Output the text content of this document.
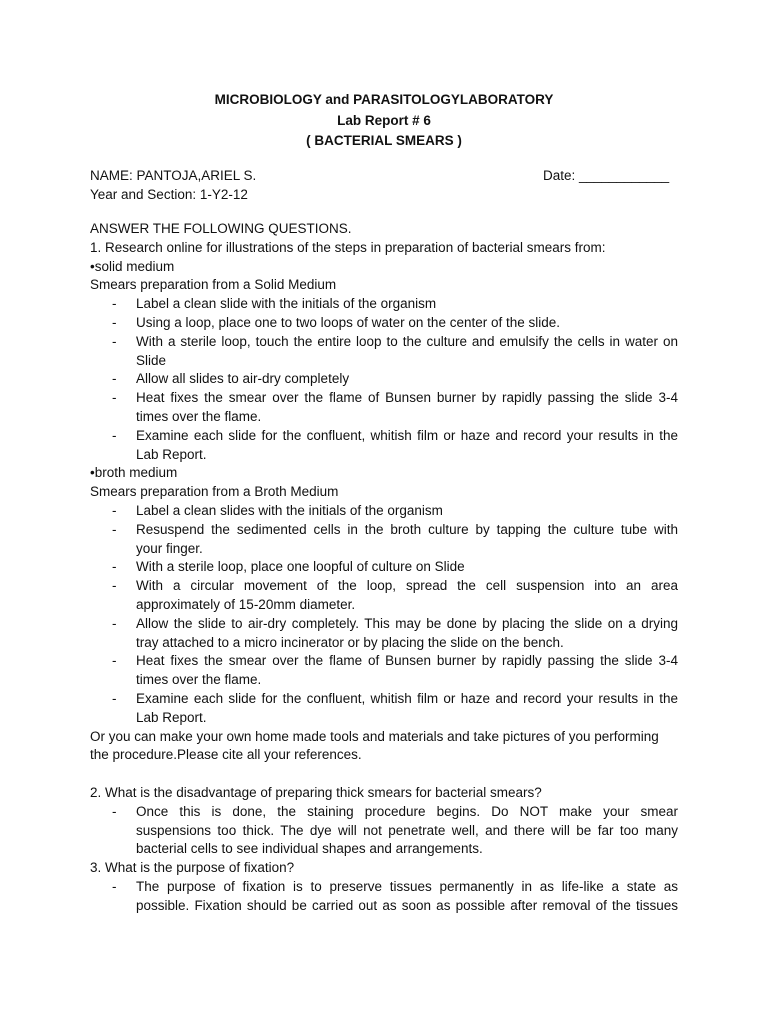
MICROBIOLOGY and PARASITOLOGYLABORATORY
Lab Report # 6
( BACTERIAL SMEARS )
NAME: PANTOJA,ARIEL S.	Date: ____________
Year and Section: 1-Y2-12
ANSWER THE FOLLOWING QUESTIONS.
1. Research online for illustrations of the steps in preparation of bacterial smears from:
•solid medium
Smears preparation from a Solid Medium
- Label a clean slide with the initials of the organism
- Using a loop, place one to two loops of water on the center of the slide.
- With a sterile loop, touch the entire loop to the culture and emulsify the cells in water on
Slide
- Allow all slides to air-dry completely
- Heat fixes the smear over the flame of Bunsen burner by rapidly passing the slide 3-4
times over the flame.
- Examine each slide for the confluent, whitish film or haze and record your results in the
Lab Report.
•broth medium
Smears preparation from a Broth Medium
- Label a clean slides with the initials of the organism
- Resuspend the sedimented cells in the broth culture by tapping the culture tube with
your finger.
- With a sterile loop, place one loopful of culture on Slide
- With a circular movement of the loop, spread the cell suspension into an area
approximately of 15-20mm diameter.
- Allow the slide to air-dry completely. This may be done by placing the slide on a drying
tray attached to a micro incinerator or by placing the slide on the bench.
- Heat fixes the smear over the flame of Bunsen burner by rapidly passing the slide 3-4
times over the flame.
- Examine each slide for the confluent, whitish film or haze and record your results in the
Lab Report.
Or you can make your own home made tools and materials and take pictures of you performing
the procedure.Please cite all your references.
2. What is the disadvantage of preparing thick smears for bacterial smears?
- Once this is done, the staining procedure begins. Do NOT make your smear
suspensions too thick. The dye will not penetrate well, and there will be far too many
bacterial cells to see individual shapes and arrangements.
3. What is the purpose of fixation?
- The purpose of fixation is to preserve tissues permanently in as life-like a state as
possible. Fixation should be carried out as soon as possible after removal of the tissues
